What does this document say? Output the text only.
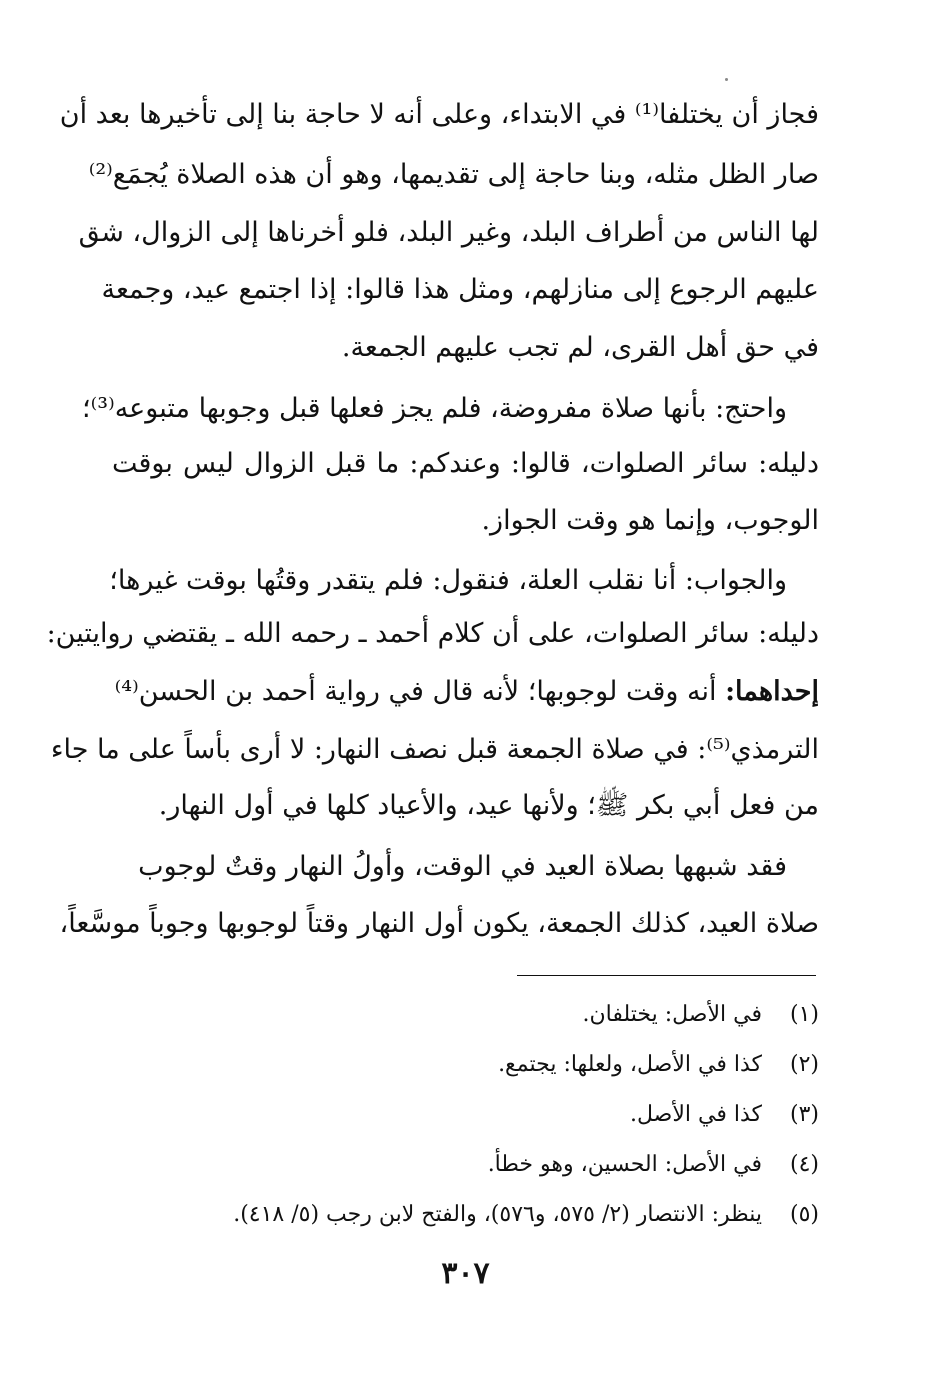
فجاز أن يختلفا⁽¹⁾ في الابتداء، وعلى أنه لا حاجة بنا إلى تأخيرها بعد أن
صار الظل مثله، وبنا حاجة إلى تقديمها، وهو أن هذه الصلاة يُجمَع⁽²⁾
لها الناس من أطراف البلد، وغير البلد، فلو أخرناها إلى الزوال، شق
عليهم الرجوع إلى منازلهم، ومثل هذا قالوا: إذا اجتمع عيد، وجمعة
في حق أهل القرى، لم تجب عليهم الجمعة.
واحتج: بأنها صلاة مفروضة، فلم يجز فعلها قبل وجوبها متبوعه⁽³⁾؛
دليله: سائر الصلوات، قالوا: وعندكم: ما قبل الزوال ليس بوقت
الوجوب، وإنما هو وقت الجواز.
والجواب: أنا نقلب العلة، فنقول: فلم يتقدر وقتُها بوقت غيرها؛
دليله: سائر الصلوات، على أن كلام أحمد ـ رحمه الله ـ يقتضي روايتين:
إحداهما: أنه وقت لوجوبها؛ لأنه قال في رواية أحمد بن الحسن⁽⁴⁾
الترمذي⁽⁵⁾: في صلاة الجمعة قبل نصف النهار: لا أرى بأساً على ما جاء
من فعل أبي بكر ﷺ؛ ولأنها عيد، والأعياد كلها في أول النهار.
فقد شبهها بصلاة العيد في الوقت، وأولُ النهار وقتٌ لوجوب
صلاة العيد، كذلك الجمعة، يكون أول النهار وقتاً لوجوبها وجوباً موسَّعاً،
(١) في الأصل: يختلفان.
(٢) كذا في الأصل، ولعلها: يجتمع.
(٣) كذا في الأصل.
(٤) في الأصل: الحسين، وهو خطأ.
(٥) ينظر: الانتصار (٢/ ٥٧٥، و٥٧٦)، والفتح لابن رجب (٥/ ٤١٨).
٣٠٧
